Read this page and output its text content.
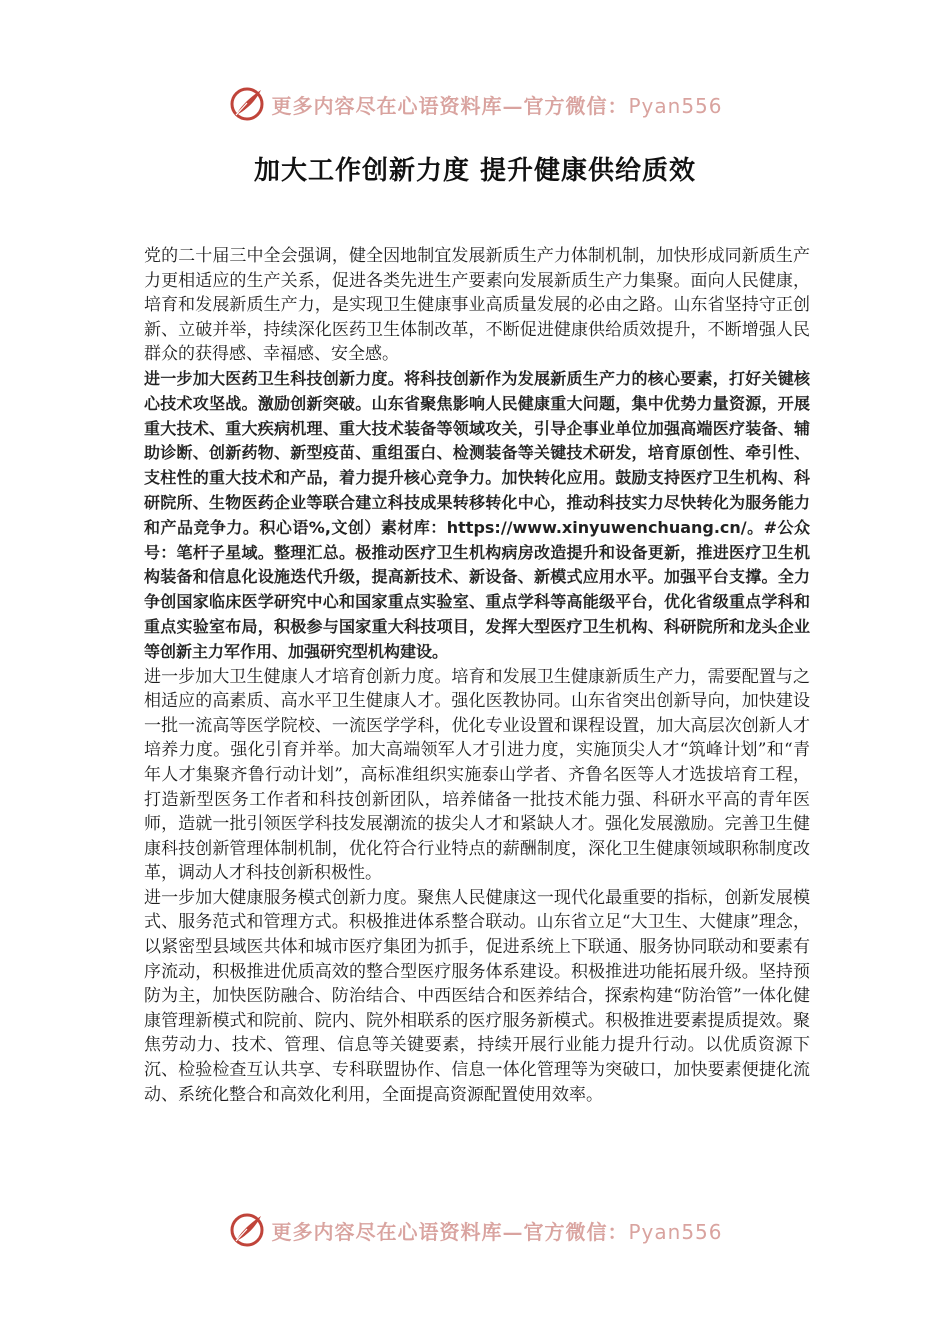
更多内容尽在心语资料库—官方微信：Pyan556
加大工作创新力度 提升健康供给质效

党的二十届三中全会强调，健全因地制宜发展新质生产力体制机制，加快形成同新质生产力更相适应的生产关系，促进各类先进生产要素向发展新质生产力集聚。面向人民健康，培育和发展新质生产力，是实现卫生健康事业高质量发展的必由之路。山东省坚持守正创新、立破并举，持续深化医药卫生体制改革，不断促进健康供给质效提升，不断增强人民群众的获得感、幸福感、安全感。

进一步加大医药卫生科技创新力度。将科技创新作为发展新质生产力的核心要素，打好关键核心技术攻坚战。激励创新突破。山东省聚焦影响人民健康重大问题，集中优势力量资源，开展重大技术、重大疾病机理、重大技术装备等领域攻关，引导企事业单位加强高端医疗装备、辅助诊断、创新药物、新型疫苗、重组蛋白、检测装备等关键技术研发，培育原创性、牵引性、支柱性的重大技术和产品，着力提升核心竞争力。加快转化应用。鼓励支持医疗卫生机构、科研院所、生物医药企业等联合建立科技成果转移转化中心，推动科技实力尽快转化为服务能力和产品竞争力。积心语%,文创）素材库：https://www.xinyuwenchuang.cn/。#公众号：笔杆子星域。整理汇总。极推动医疗卫生机构病房改造提升和设备更新，推进医疗卫生机构装备和信息化设施迭代升级，提高新技术、新设备、新模式应用水平。加强平台支撑。全力争创国家临床医学研究中心和国家重点实验室、重点学科等高能级平台，优化省级重点学科和重点实验室布局，积极参与国家重大科技项目，发挥大型医疗卫生机构、科研院所和龙头企业等创新主力军作用、加强研究型机构建设。

进一步加大卫生健康人才培育创新力度。培育和发展卫生健康新质生产力，需要配置与之相适应的高素质、高水平卫生健康人才。强化医教协同。山东省突出创新导向，加快建设一批一流高等医学院校、一流医学学科，优化专业设置和课程设置，加大高层次创新人才培养力度。强化引育并举。加大高端领军人才引进力度，实施顶尖人才“筑峰计划”和“青年人才集聚齐鲁行动计划”，高标准组织实施泰山学者、齐鲁名医等人才选拔培育工程，打造新型医务工作者和科技创新团队，培养储备一批技术能力强、科研水平高的青年医师，造就一批引领医学科技发展潮流的拔尖人才和紧缺人才。强化发展激励。完善卫生健康科技创新管理体制机制，优化符合行业特点的薪酬制度，深化卫生健康领域职称制度改革，调动人才科技创新积极性。

进一步加大健康服务模式创新力度。聚焦人民健康这一现代化最重要的指标，创新发展模式、服务范式和管理方式。积极推进体系整合联动。山东省立足“大卫生、大健康”理念，以紧密型县域医共体和城市医疗集团为抓手，促进系统上下联通、服务协同联动和要素有序流动，积极推进优质高效的整合型医疗服务体系建设。积极推进功能拓展升级。坚持预防为主，加快医防融合、防治结合、中西医结合和医养结合，探索构建“防治管”一体化健康管理新模式和院前、院内、院外相联系的医疗服务新模式。积极推进要素提质提效。聚焦劳动力、技术、管理、信息等关键要素，持续开展行业能力提升行动。以优质资源下沉、检验检查互认共享、专科联盟协作、信息一体化管理等为突破口，加快要素便捷化流动、系统化整合和高效化利用，全面提高资源配置使用效率。

更多内容尽在心语资料库—官方微信：Pyan556
